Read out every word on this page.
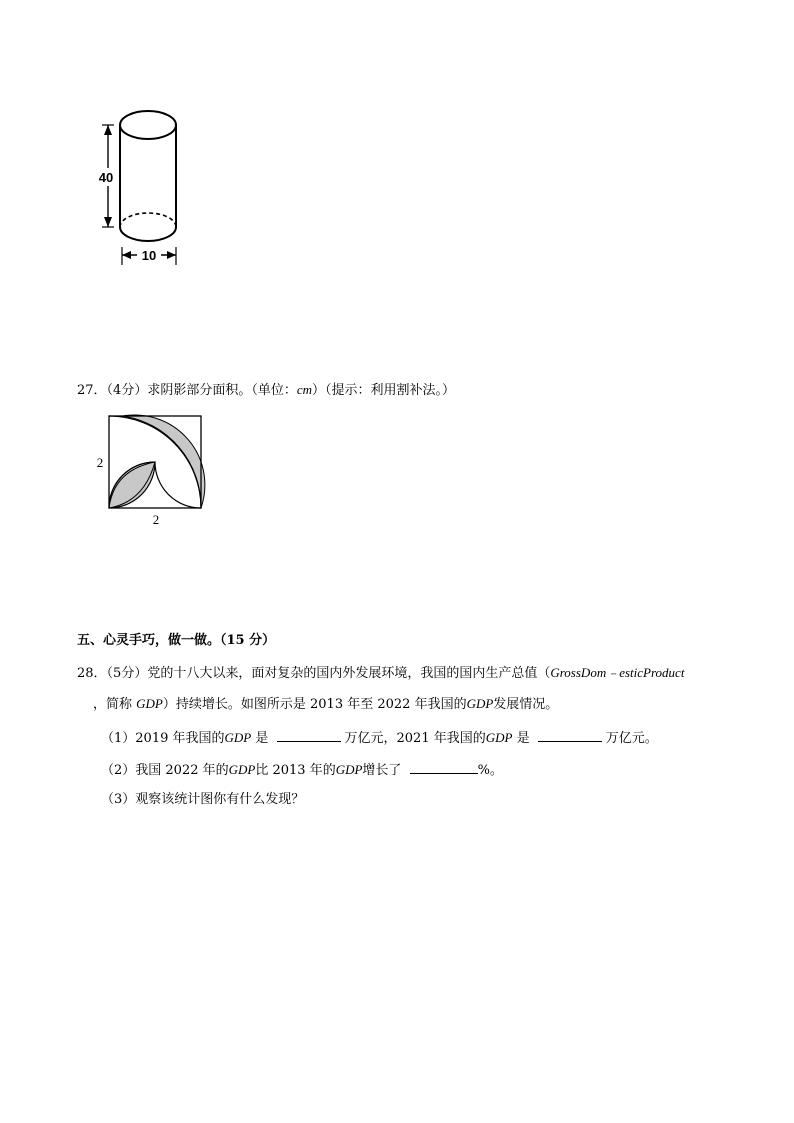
40
10
27．（4分）求阴影部分面积。（单位：cm）（提示：利用割补法。）
2
2
五、心灵手巧，做一做。（15 分）
28．（5分）党的十八大以来，面对复杂的国内外发展环境，我国的国内生产总值（GrossDom﹣esticProduct
，简称 GDP）持续增长。如图所示是 2013 年至 2022 年我国的GDP发展情况。
（1）2019 年我国的GDP 是	万亿元，2021 年我国的GDP 是	万亿元。
（2）我国 2022 年的GDP比 2013 年的GDP增长了	%。
（3）观察该统计图你有什么发现？
